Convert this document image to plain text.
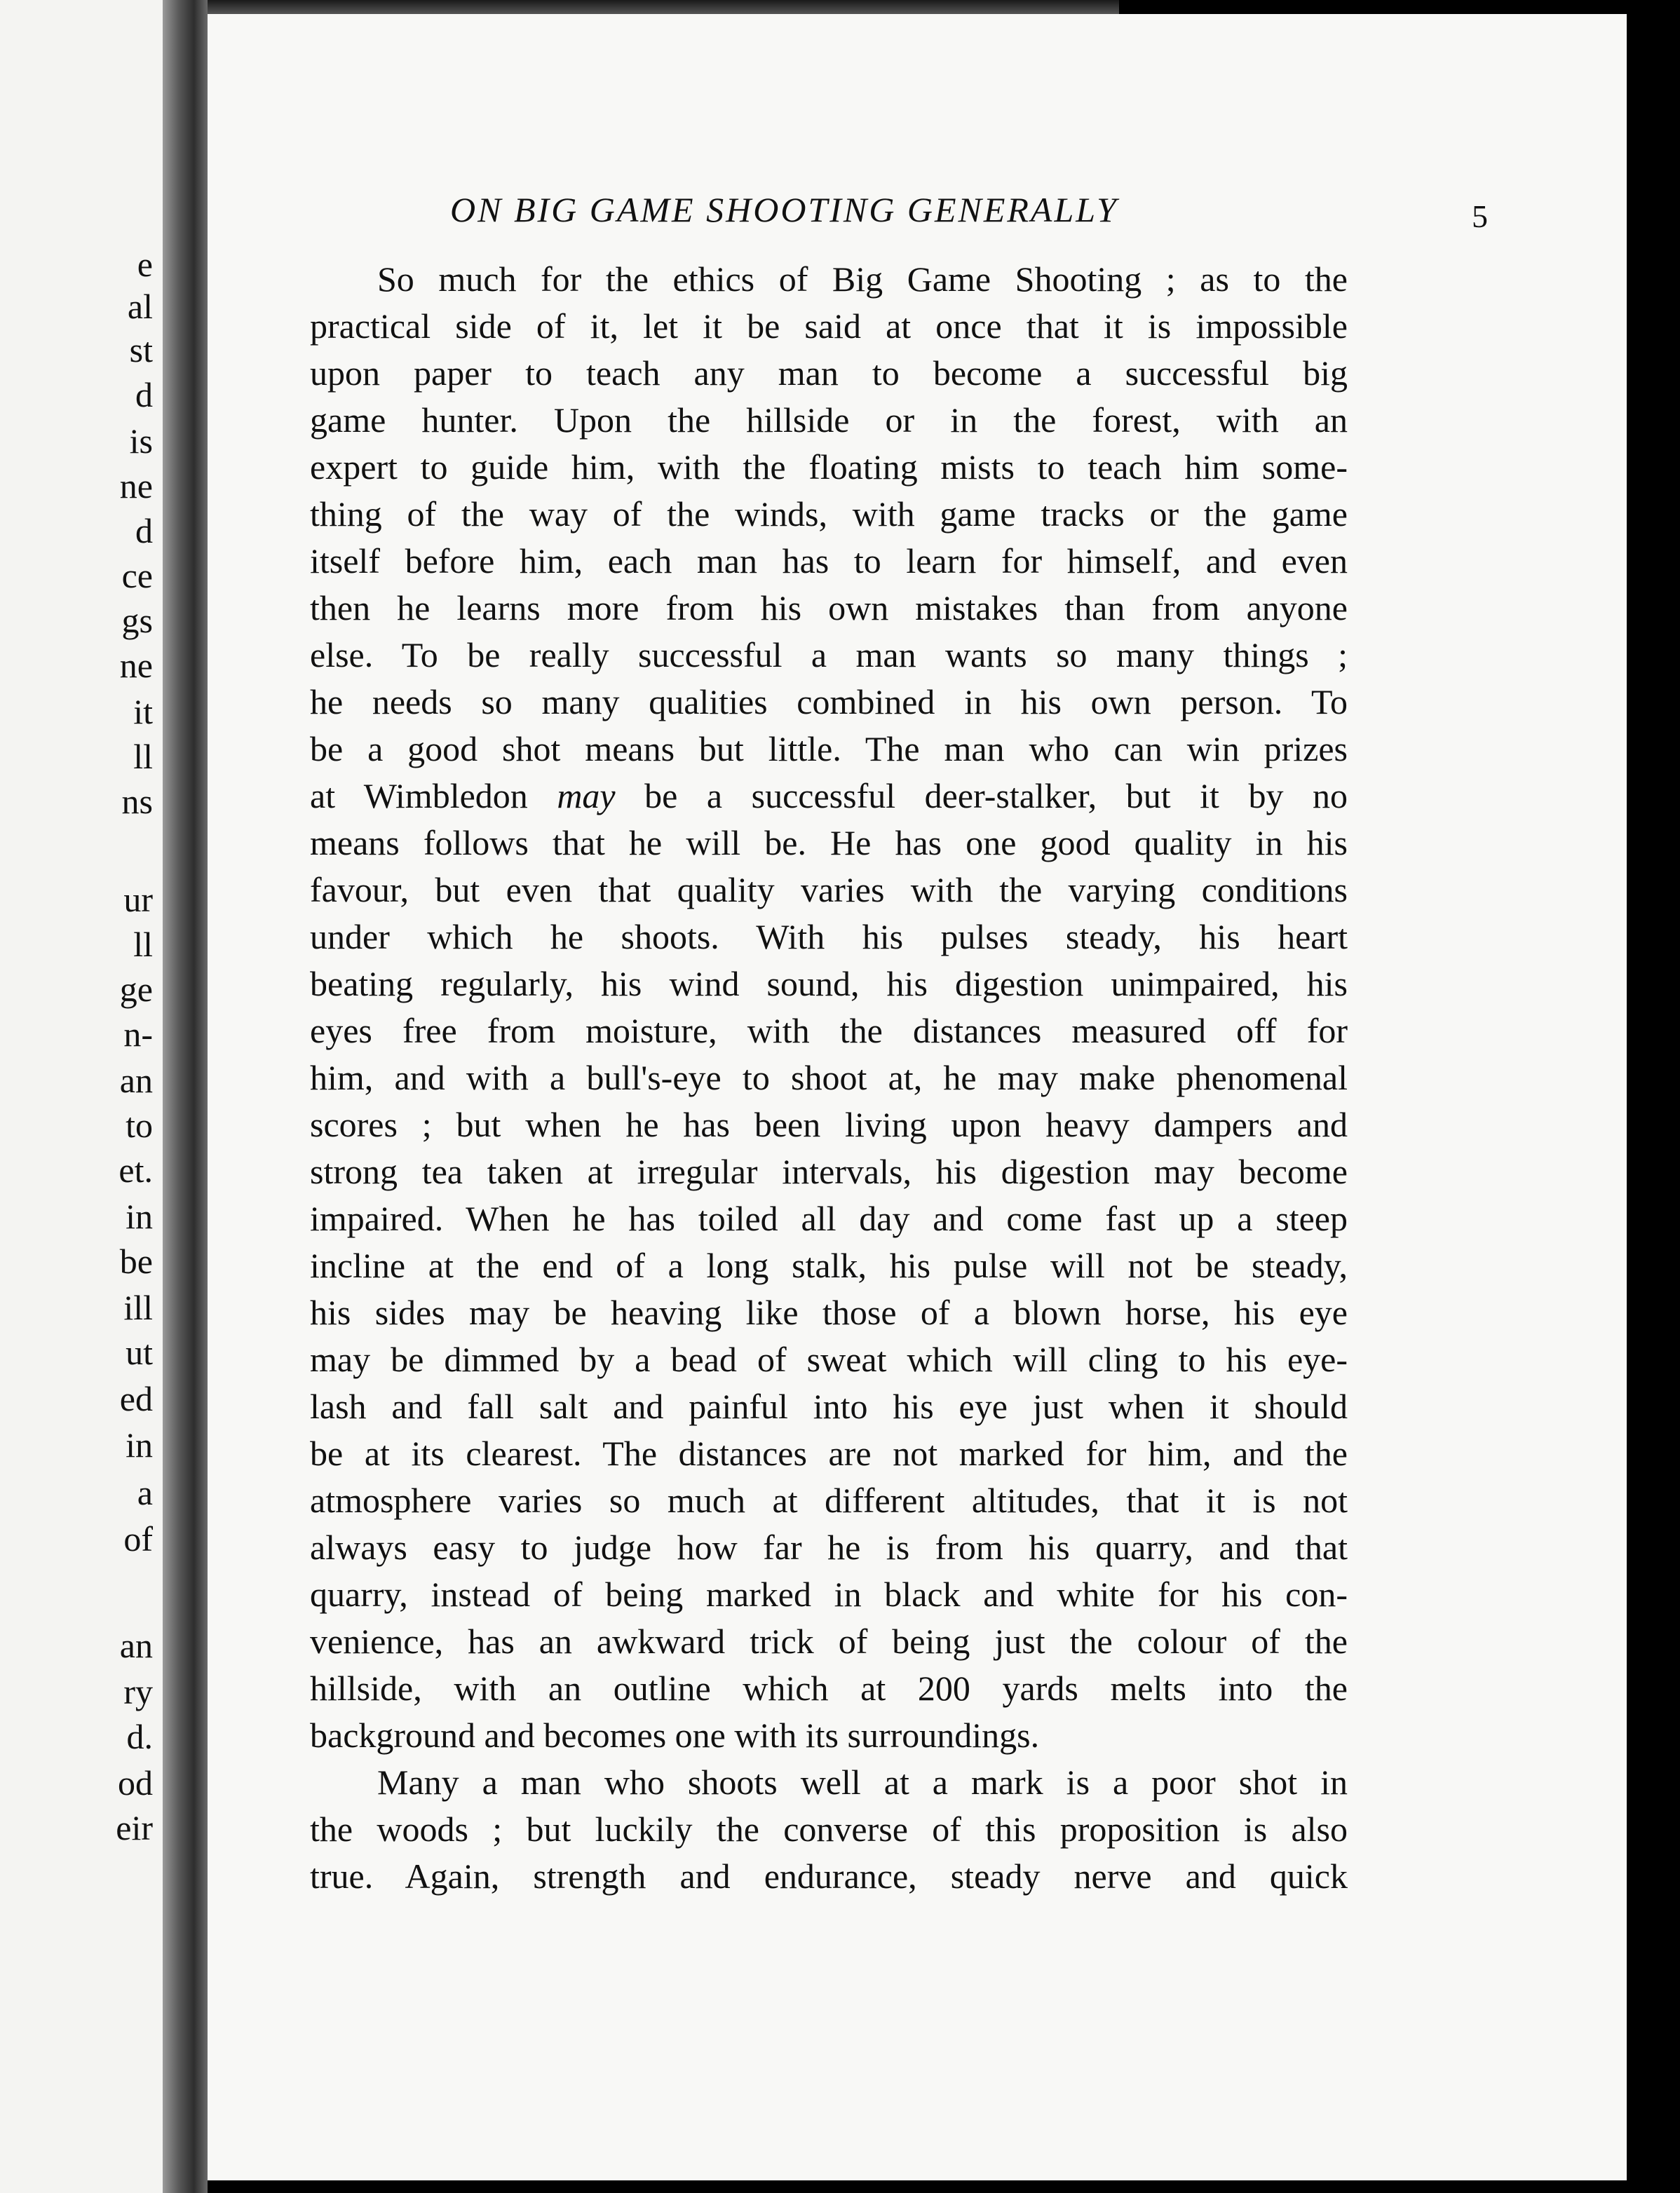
e
al
st
d
is
ne
d
ce
gs
ne
it
ll
ns
ur
ll
ge
n-
an
to
et.
in
be
ill
ut
ed
in
a
of
an
ry
d.
od
eir
ON BIG GAME SHOOTING GENERALLY	5
So much for the ethics of Big Game Shooting ; as to the
practical side of it, let it be said at once that it is impossible
upon paper to teach any man to become a successful big
game hunter. Upon the hillside or in the forest, with an
expert to guide him, with the floating mists to teach him some-
thing of the way of the winds, with game tracks or the game
itself before him, each man has to learn for himself, and even
then he learns more from his own mistakes than from anyone
else. To be really successful a man wants so many things ;
he needs so many qualities combined in his own person. To
be a good shot means but little. The man who can win prizes
at Wimbledon may be a successful deer-stalker, but it by no
means follows that he will be. He has one good quality in his
favour, but even that quality varies with the varying conditions
under which he shoots. With his pulses steady, his heart
beating regularly, his wind sound, his digestion unimpaired, his
eyes free from moisture, with the distances measured off for
him, and with a bull's-eye to shoot at, he may make phenomenal
scores ; but when he has been living upon heavy dampers and
strong tea taken at irregular intervals, his digestion may become
impaired. When he has toiled all day and come fast up a steep
incline at the end of a long stalk, his pulse will not be steady,
his sides may be heaving like those of a blown horse, his eye
may be dimmed by a bead of sweat which will cling to his eye-
lash and fall salt and painful into his eye just when it should
be at its clearest. The distances are not marked for him, and the
atmosphere varies so much at different altitudes, that it is not
always easy to judge how far he is from his quarry, and that
quarry, instead of being marked in black and white for his con-
venience, has an awkward trick of being just the colour of the
hillside, with an outline which at 200 yards melts into the
background and becomes one with its surroundings.
Many a man who shoots well at a mark is a poor shot in
the woods ; but luckily the converse of this proposition is also
true. Again, strength and endurance, steady nerve and quick
